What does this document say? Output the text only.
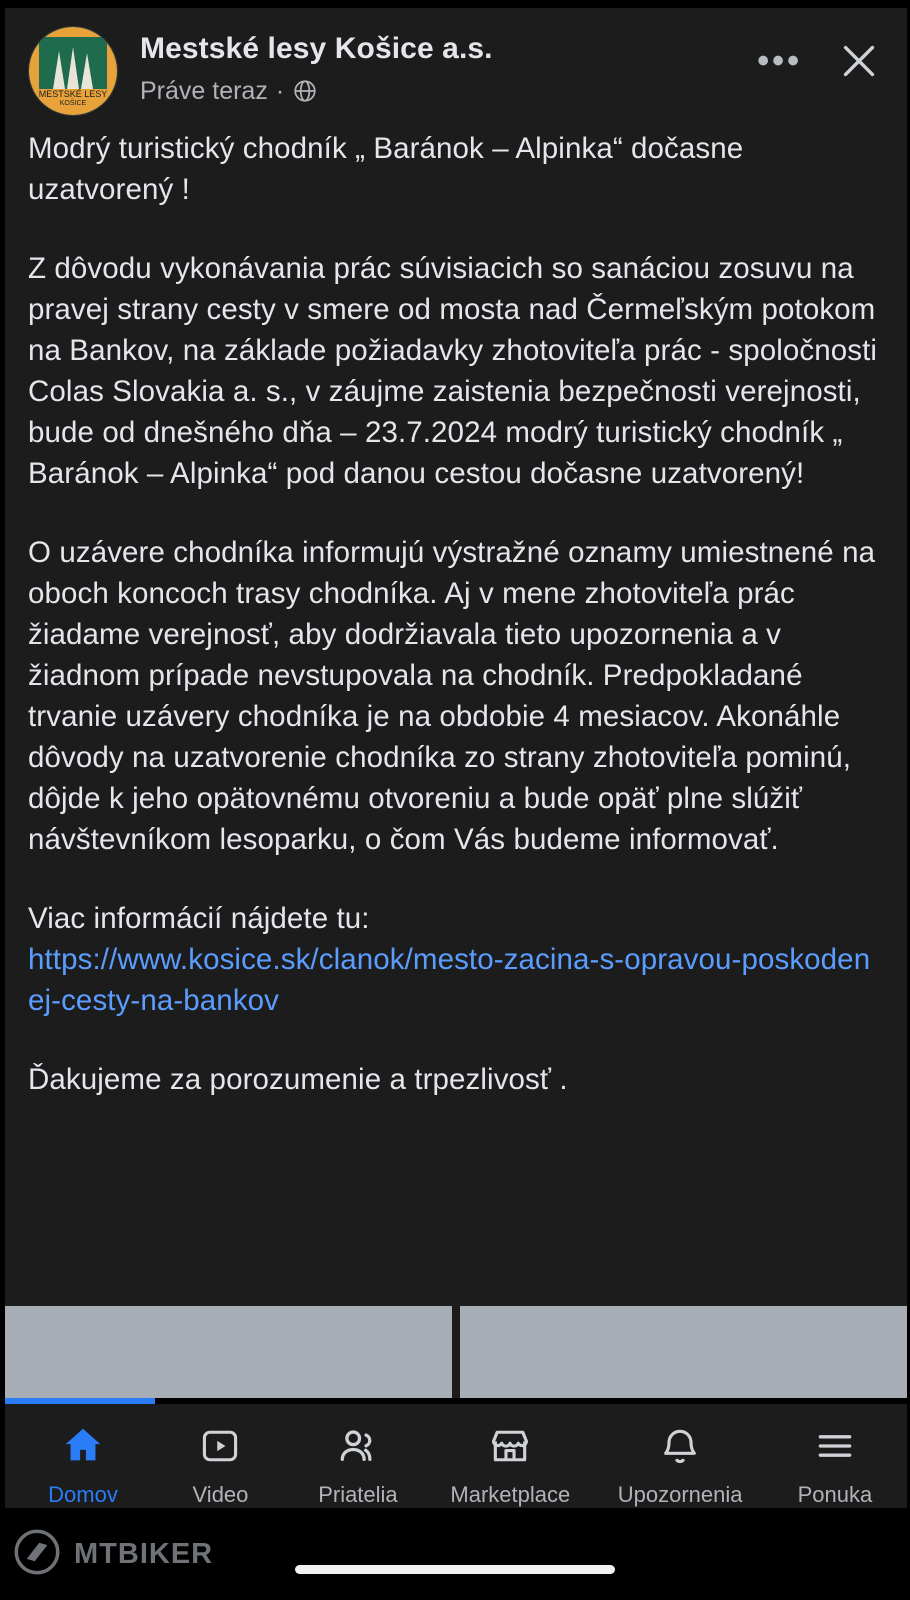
MESTSKÉ LESY
KOŠICE
Mestské lesy Košice a.s.
Práve teraz ·
•••

Modrý turistický chodník „ Baránok – Alpinka“ dočasne uzatvorený !

Z dôvodu vykonávania prác súvisiacich so sanáciou zosuvu na pravej strany cesty v smere od mosta nad Čermeľským potokom na Bankov, na základe požiadavky zhotoviteľa prác - spoločnosti Colas Slovakia a. s., v záujme zaistenia bezpečnosti verejnosti, bude od dnešného dňa – 23.7.2024 modrý turistický chodník „ Baránok – Alpinka“ pod danou cestou dočasne uzatvorený!

O uzávere chodníka informujú výstražné oznamy umiestnené na oboch koncoch trasy chodníka. Aj v mene zhotoviteľa prác žiadame verejnosť, aby dodržiavala tieto upozornenia a v žiadnom prípade nevstupovala na chodník. Predpokladané trvanie uzávery chodníka je na obdobie 4 mesiacov. Akonáhle dôvody na uzatvorenie chodníka zo strany zhotoviteľa pominú, dôjde k jeho opätovnému otvoreniu a bude opäť plne slúžiť návštevníkom lesoparku, o čom Vás budeme informovať.

Viac informácií nájdete tu:

https://www.kosice.sk/clanok/mesto-zacina-s-opravou-poskodenej-cesty-na-bankov

Ďakujeme za porozumenie a trpezlivosť .

Domov	Video	Priatelia Marketplace Upozornenia	Ponuka
MTBIKER
